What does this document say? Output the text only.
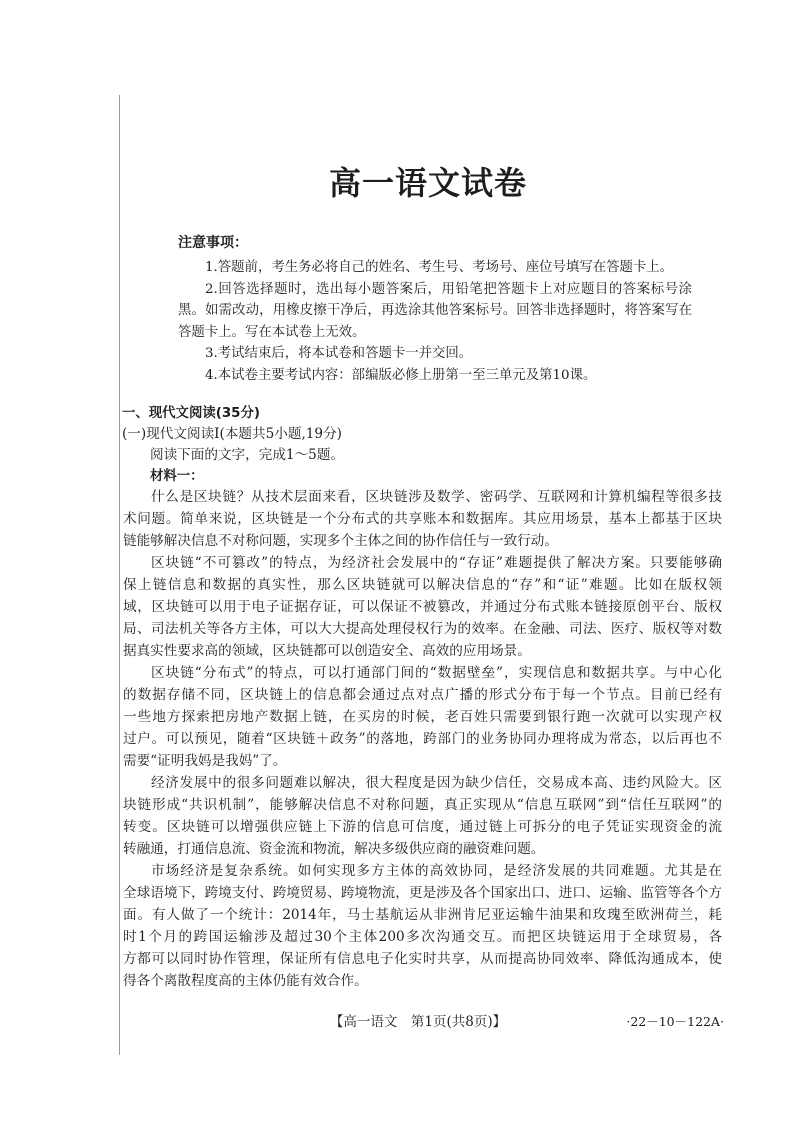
高一语文试卷
注意事项：
1.答题前，考生务必将自己的姓名、考生号、考场号、座位号填写在答题卡上。
2.回答选择题时，选出每小题答案后，用铅笔把答题卡上对应题目的答案标号涂
黑。如需改动，用橡皮擦干净后，再选涂其他答案标号。回答非选择题时，将答案写在
答题卡上。写在本试卷上无效。
3.考试结束后，将本试卷和答题卡一并交回。
4.本试卷主要考试内容：部编版必修上册第一至三单元及第10课。
一、现代文阅读(35分)
(一)现代文阅读Ⅰ(本题共5小题,19分)
阅读下面的文字，完成1～5题。
材料一：
什么是区块链？从技术层面来看，区块链涉及数学、密码学、互联网和计算机编程等很多技
术问题。简单来说，区块链是一个分布式的共享账本和数据库。其应用场景，基本上都基于区块
链能够解决信息不对称问题，实现多个主体之间的协作信任与一致行动。
区块链“不可篡改”的特点，为经济社会发展中的“存证”难题提供了解决方案。只要能够确
保上链信息和数据的真实性，那么区块链就可以解决信息的“存”和“证”难题。比如在版权领
域，区块链可以用于电子证据存证，可以保证不被篡改，并通过分布式账本链接原创平台、版权
局、司法机关等各方主体，可以大大提高处理侵权行为的效率。在金融、司法、医疗、版权等对数
据真实性要求高的领域，区块链都可以创造安全、高效的应用场景。
区块链“分布式”的特点，可以打通部门间的“数据壁垒”，实现信息和数据共享。与中心化
的数据存储不同，区块链上的信息都会通过点对点广播的形式分布于每一个节点。目前已经有
一些地方探索把房地产数据上链，在买房的时候，老百姓只需要到银行跑一次就可以实现产权
过户。可以预见，随着“区块链＋政务”的落地，跨部门的业务协同办理将成为常态，以后再也不
需要“证明我妈是我妈”了。
经济发展中的很多问题难以解决，很大程度是因为缺少信任，交易成本高、违约风险大。区
块链形成“共识机制”，能够解决信息不对称问题，真正实现从“信息互联网”到“信任互联网”的
转变。区块链可以增强供应链上下游的信息可信度，通过链上可拆分的电子凭证实现资金的流
转融通，打通信息流、资金流和物流，解决多级供应商的融资难问题。
市场经济是复杂系统。如何实现多方主体的高效协同，是经济发展的共同难题。尤其是在
全球语境下，跨境支付、跨境贸易、跨境物流，更是涉及各个国家出口、进口、运输、监管等各个方
面。有人做了一个统计：2014年，马士基航运从非洲肯尼亚运输牛油果和玫瑰至欧洲荷兰，耗
时1个月的跨国运输涉及超过30个主体200多次沟通交互。而把区块链运用于全球贸易，各
方都可以同时协作管理，保证所有信息电子化实时共享，从而提高协同效率、降低沟通成本，使
得各个离散程度高的主体仍能有效合作。
【高一语文　第1页(共8页)】	·22－10－122A·
